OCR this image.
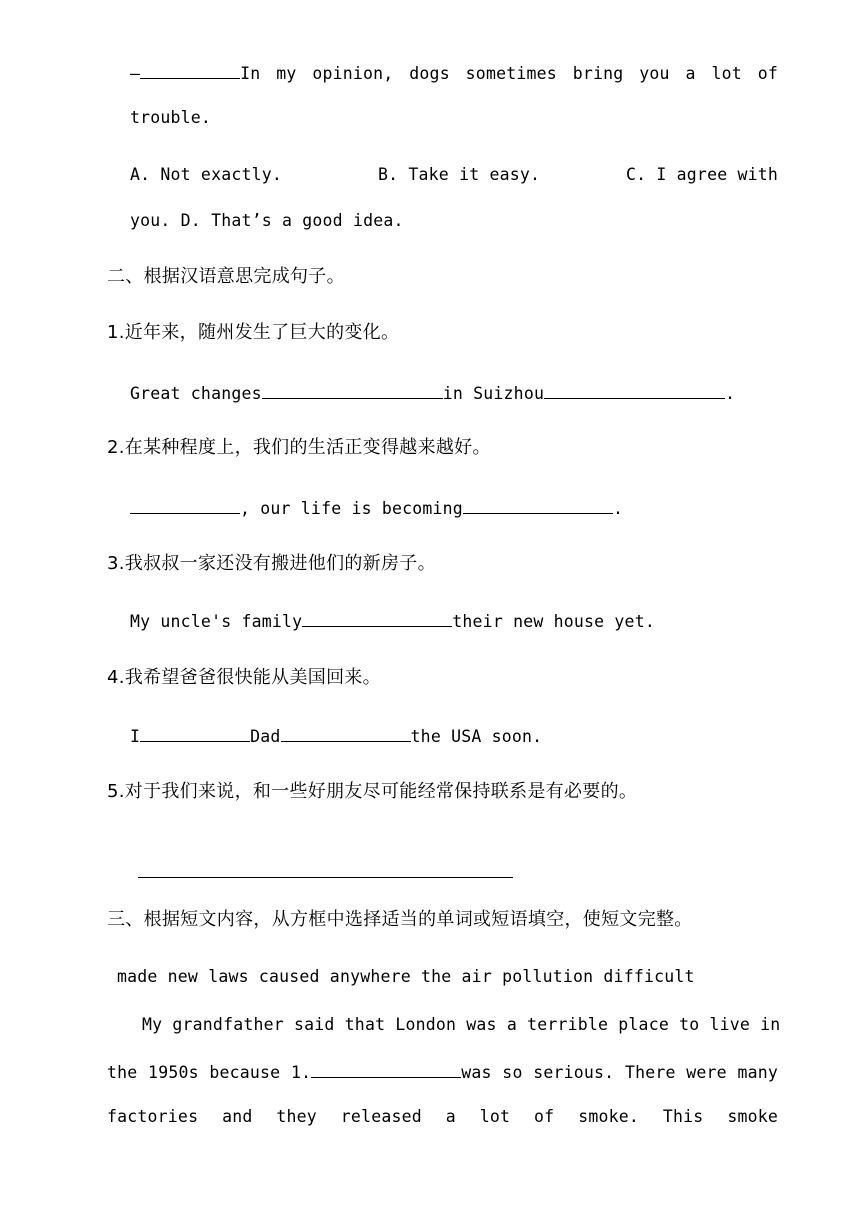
—	In my opinion, dogs sometimes bring you a lot of
trouble.
A. Not exactly.	B. Take it easy.	C. I agree with
you. D. That’s a good idea.
二、根据汉语意思完成句子。
1.近年来，随州发生了巨大的变化。
Great changes	in Suizhou	.
2.在某种程度上，我们的生活正变得越来越好。
, our life is becoming	.
3.我叔叔一家还没有搬进他们的新房子。
My uncle's family	their new house yet.
4.我希望爸爸很快能从美国回来。
I	Dad	the USA soon.
5.对于我们来说，和一些好朋友尽可能经常保持联系是有必要的。
三、根据短文内容，从方框中选择适当的单词或短语填空，使短文完整。
made new laws caused anywhere the air pollution difficult
My grandfather said that London was a terrible place to live in
the 1950s because 1.	was so serious. There were many
factories and they released a lot of smoke. This smoke
